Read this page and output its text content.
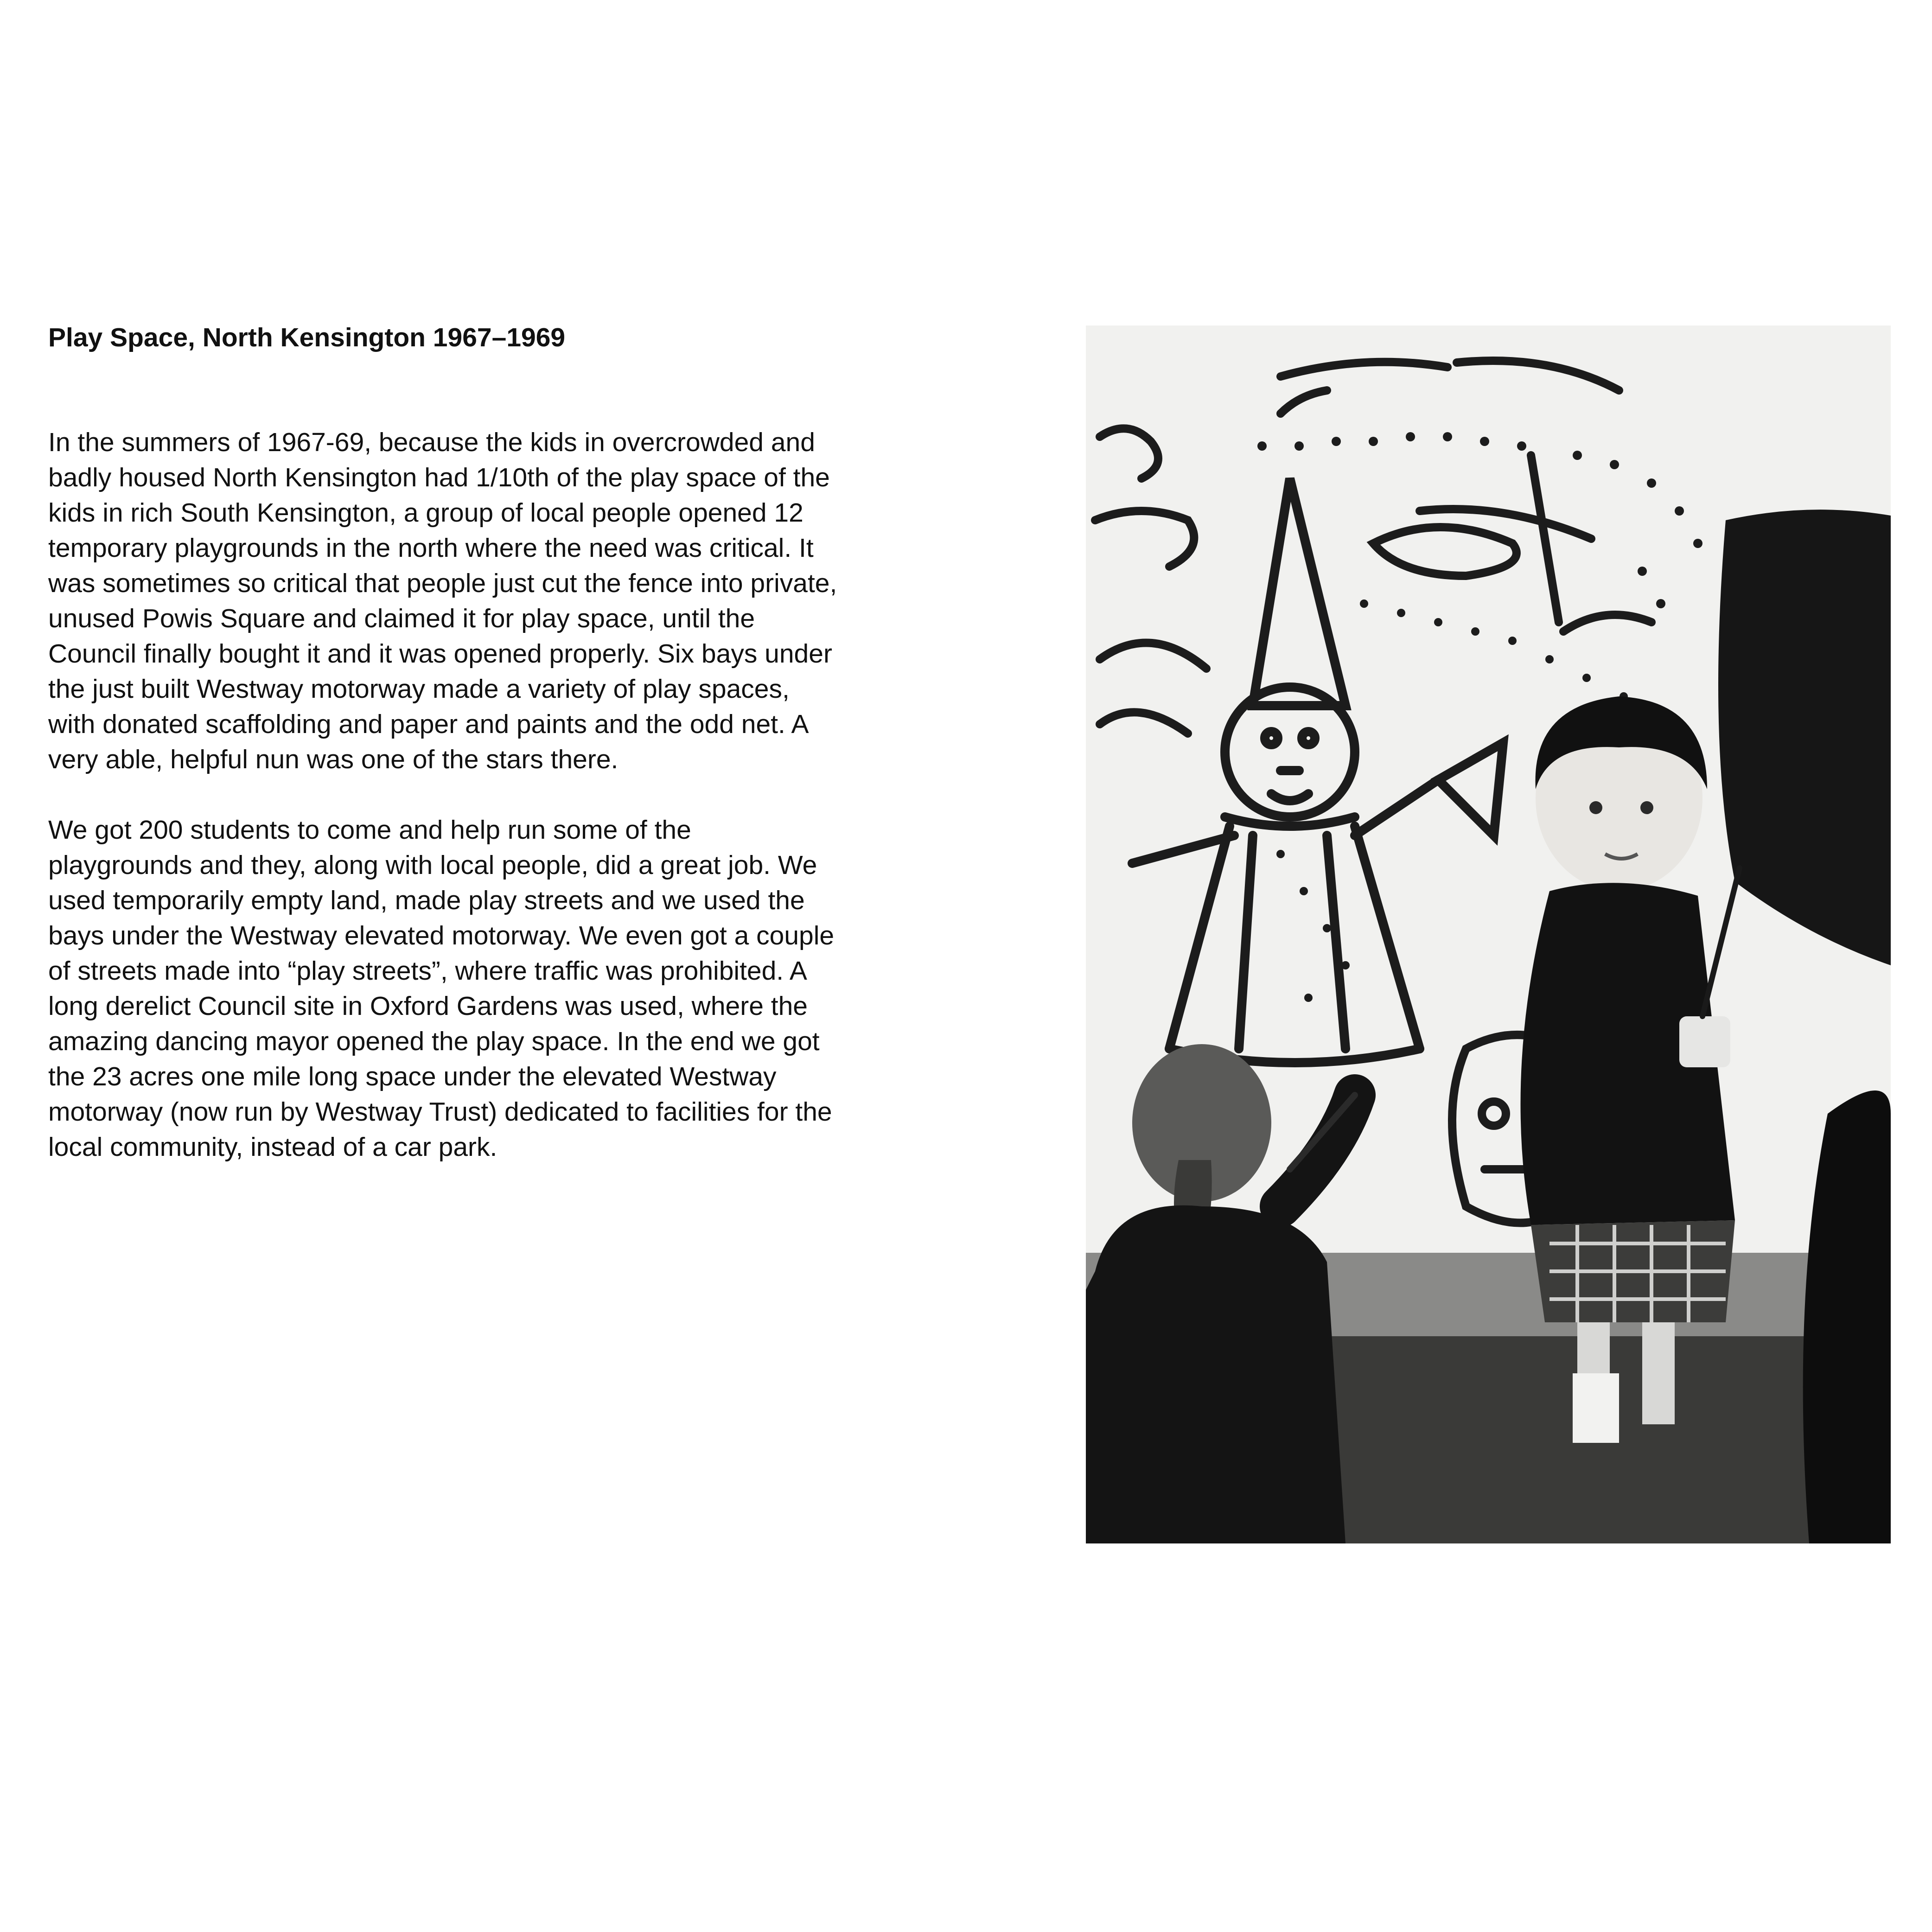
Play Space, North Kensington 1967–1969

In the summers of 1967-69, because the kids in overcrowded and
badly housed North Kensington had 1/10th of the play space of the
kids in rich South Kensington, a group of local people opened 12
temporary playgrounds in the north where the need was critical. It
was sometimes so critical that people just cut the fence into private,
unused Powis Square and claimed it for play space, until the
Council finally bought it and it was opened properly. Six bays under
the just built Westway motorway made a variety of play spaces,
with donated scaffolding and paper and paints and the odd net. A
very able, helpful nun was one of the stars there.

We got 200 students to come and help run some of the
playgrounds and they, along with local people, did a great job. We
used temporarily empty land, made play streets and we used the
bays under the Westway elevated motorway. We even got a couple
of streets made into “play streets”, where traffic was prohibited. A
long derelict Council site in Oxford Gardens was used, where the
amazing dancing mayor opened the play space. In the end we got
the 23 acres one mile long space under the elevated Westway
motorway (now run by Westway Trust) dedicated to facilities for the
local community, instead of a car park.
